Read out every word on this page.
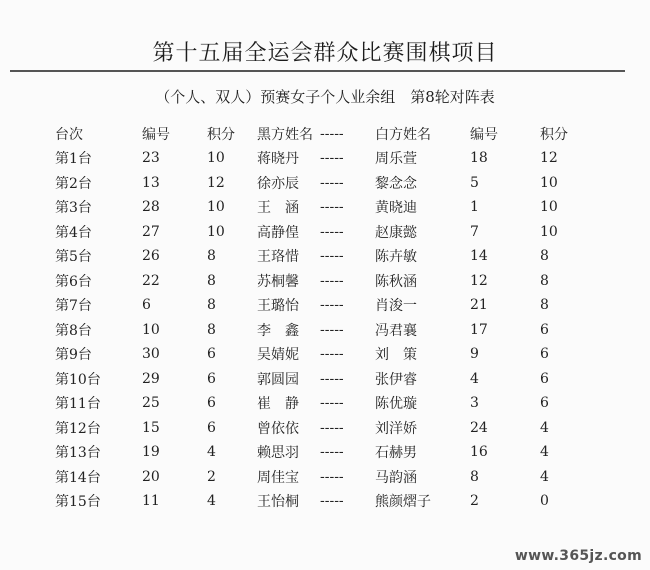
第十五届全运会群众比赛围棋项目
（个人、双人）预赛女子个人业余组　第8轮对阵表
台次	编号	积分	黑方姓名	-----	白方姓名	编号	积分
第1台	23	10	蒋晓丹	-----	周乐萱	18	12
第2台	13	12	徐亦辰	-----	黎念念	5	10
第3台	28	10	王　涵	-----	黄晓迪	1	10
第4台	27	10	高静偟	-----	赵康懿	7	10
第5台	26	8	王珞惜	-----	陈卉敏	14	8
第6台	22	8	苏桐馨	-----	陈秋涵	12	8
第7台	6	8	王璐怡	-----	肖浚一	21	8
第8台	10	8	李　鑫	-----	冯君襄	17	6
第9台	30	6	吴婧妮	-----	刘　策	9	6
第10台	29	6	郭圆园	-----	张伊睿	4	6
第11台	25	6	崔　静	-----	陈优璇	3	6
第12台	15	6	曾依依	-----	刘洋娇	24	4
第13台	19	4	赖思羽	-----	石赫男	16	4
第14台	20	2	周佳宝	-----	马韵涵	8	4
第15台	11	4	王怡桐	-----	熊颜熠子	2	0
www.365jz.com
